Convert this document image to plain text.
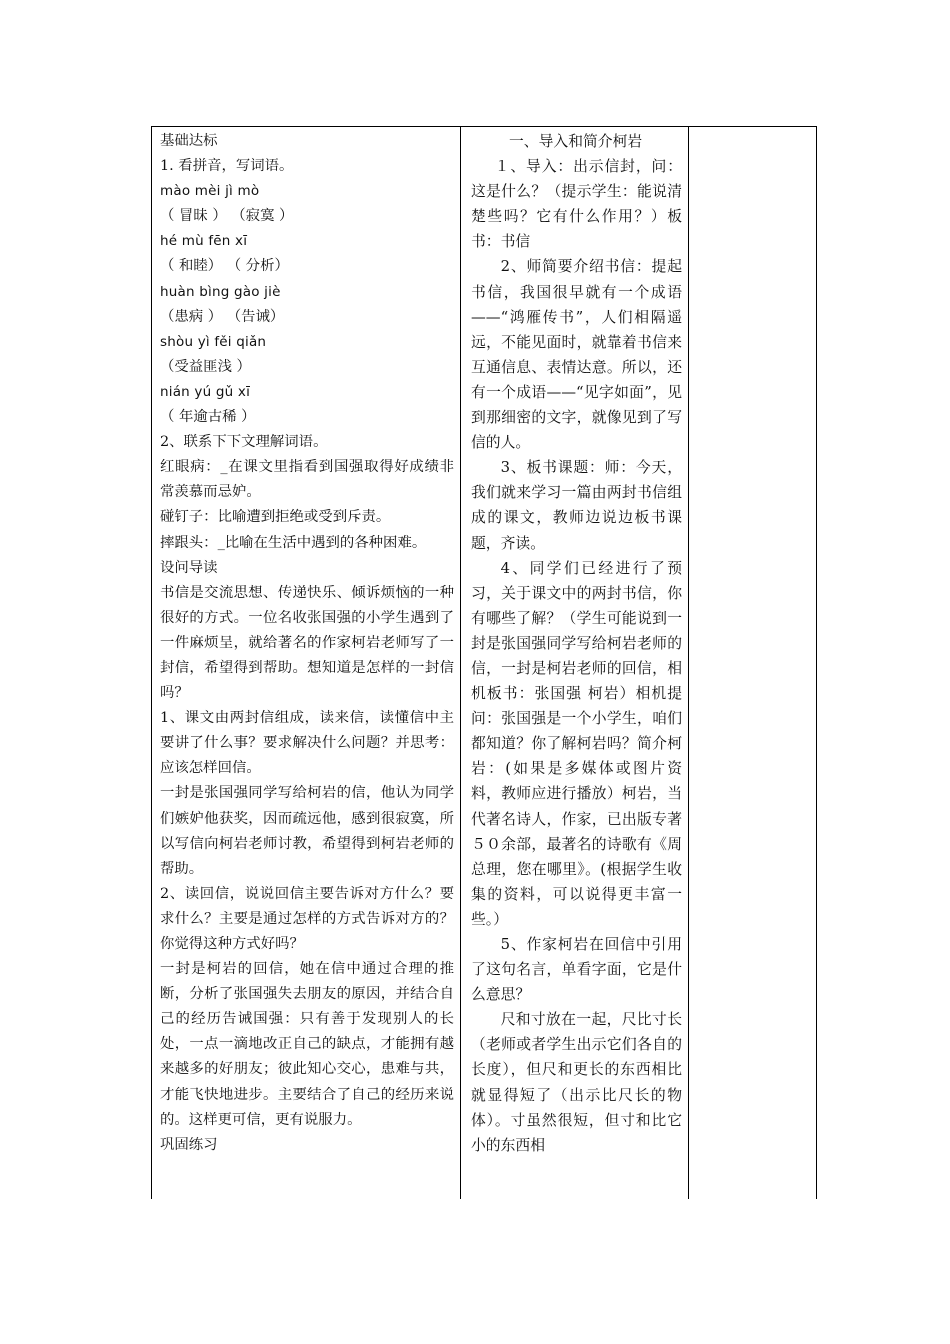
基础达标
1. 看拼音，写词语。
mào mèi jì mò
（ 冒昧 ） （寂寞 ）
hé mù fēn xī
（ 和睦） （ 分析）
huàn bìng gào jiè
（患病 ） （告诫）
shòu yì fěi qiǎn
（受益匪浅 ）
nián yú gǔ xī
（ 年逾古稀 ）
2、联系下下文理解词语。
红眼病：_在课文里指看到国强取得好成绩非常羡慕而忌妒。
碰钉子：比喻遭到拒绝或受到斥责。
摔跟头：_比喻在生活中遇到的各种困难。
设问导读
书信是交流思想、传递快乐、倾诉烦恼的一种很好的方式。一位名收张国强的小学生遇到了一件麻烦呈，就给著名的作家柯岩老师写了一封信，希望得到帮助。想知道是怎样的一封信吗？
1、课文由两封信组成，读来信，读懂信中主要讲了什么事？要求解决什么问题？并思考：应该怎样回信。
一封是张国强同学写给柯岩的信，他认为同学们嫉妒他获奖，因而疏远他，感到很寂寞，所以写信向柯岩老师讨教，希望得到柯岩老师的帮助。
2、读回信，说说回信主要告诉对方什么？要求什么？主要是通过怎样的方式告诉对方的？你觉得这种方式好吗？
一封是柯岩的回信，她在信中通过合理的推断，分析了张国强失去朋友的原因，并结合自己的经历告诫国强：只有善于发现别人的长处，一点一滴地改正自己的缺点，才能拥有越来越多的好朋友；彼此知心交心，患难与共，才能飞快地进步。主要结合了自己的经历来说的。这样更可信，更有说服力。
巩固练习

一、导入和简介柯岩
１、导入：出示信封，问：这是什么？（提示学生：能说清楚些吗？它有什么作用？）板书：书信
2、师简要介绍书信：提起书信，我国很早就有一个成语——“鸿雁传书”，人们相隔遥远，不能见面时，就靠着书信来互通信息、表情达意。所以，还有一个成语——“见字如面”，见到那细密的文字，就像见到了写信的人。
3、板书课题：师：今天，我们就来学习一篇由两封书信组成的课文，教师边说边板书课题，齐读。
4、同学们已经进行了预习，关于课文中的两封书信，你有哪些了解？（学生可能说到一封是张国强同学写给柯岩老师的信，一封是柯岩老师的回信，相机板书：张国强 柯岩）相机提问：张国强是一个小学生，咱们都知道？你了解柯岩吗？简介柯岩：(如果是多媒体或图片资料，教师应进行播放）柯岩，当代著名诗人，作家，已出版专著５０余部，最著名的诗歌有《周总理，您在哪里》。(根据学生收集的资料，可以说得更丰富一些。）
5、作家柯岩在回信中引用了这句名言，单看字面，它是什么意思？
尺和寸放在一起，尺比寸长（老师或者学生出示它们各自的长度），但尺和更长的东西相比就显得短了（出示比尺长的物体）。寸虽然很短，但寸和比它小的东西相
